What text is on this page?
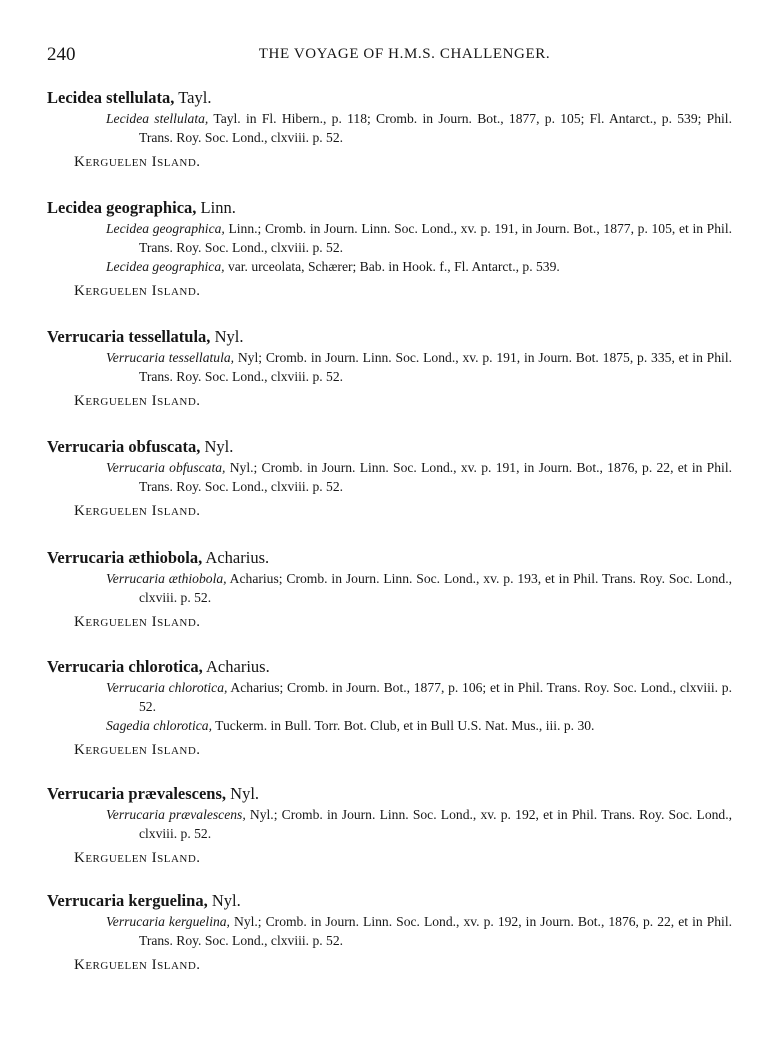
240	THE VOYAGE OF H.M.S. CHALLENGER.

Lecidea stellulata, Tayl.

Lecidea stellulata, Tayl. in Fl. Hibern., p. 118; Cromb. in Journ. Bot., 1877, p. 105; Fl. Antarct., p. 539; Phil. Trans. Roy. Soc. Lond., clxviii. p. 52.

Kerguelen Island.

Lecidea geographica, Linn.

Lecidea geographica, Linn.; Cromb. in Journ. Linn. Soc. Lond., xv. p. 191, in Journ. Bot., 1877, p. 105, et in Phil. Trans. Roy. Soc. Lond., clxviii. p. 52.

Lecidea geographica, var. urceolata, Schærer; Bab. in Hook. f., Fl. Antarct., p. 539.

Kerguelen Island.

Verrucaria tessellatula, Nyl.

Verrucaria tessellatula, Nyl; Cromb. in Journ. Linn. Soc. Lond., xv. p. 191, in Journ. Bot. 1875, p. 335, et in Phil. Trans. Roy. Soc. Lond., clxviii. p. 52.

Kerguelen Island.

Verrucaria obfuscata, Nyl.

Verrucaria obfuscata, Nyl.; Cromb. in Journ. Linn. Soc. Lond., xv. p. 191, in Journ. Bot., 1876, p. 22, et in Phil. Trans. Roy. Soc. Lond., clxviii. p. 52.

Kerguelen Island.

Verrucaria æthiobola, Acharius.

Verrucaria æthiobola, Acharius; Cromb. in Journ. Linn. Soc. Lond., xv. p. 193, et in Phil. Trans. Roy. Soc. Lond., clxviii. p. 52.

Kerguelen Island.

Verrucaria chlorotica, Acharius.

Verrucaria chlorotica, Acharius; Cromb. in Journ. Bot., 1877, p. 106; et in Phil. Trans. Roy. Soc. Lond., clxviii. p. 52.

Sagedia chlorotica, Tuckerm. in Bull. Torr. Bot. Club, et in Bull U.S. Nat. Mus., iii. p. 30.

Kerguelen Island.

Verrucaria prævalescens, Nyl.

Verrucaria prævalescens, Nyl.; Cromb. in Journ. Linn. Soc. Lond., xv. p. 192, et in Phil. Trans. Roy. Soc. Lond., clxviii. p. 52.

Kerguelen Island.

Verrucaria kerguelina, Nyl.

Verrucaria kerguelina, Nyl.; Cromb. in Journ. Linn. Soc. Lond., xv. p. 192, in Journ. Bot., 1876, p. 22, et in Phil. Trans. Roy. Soc. Lond., clxviii. p. 52.

Kerguelen Island.
